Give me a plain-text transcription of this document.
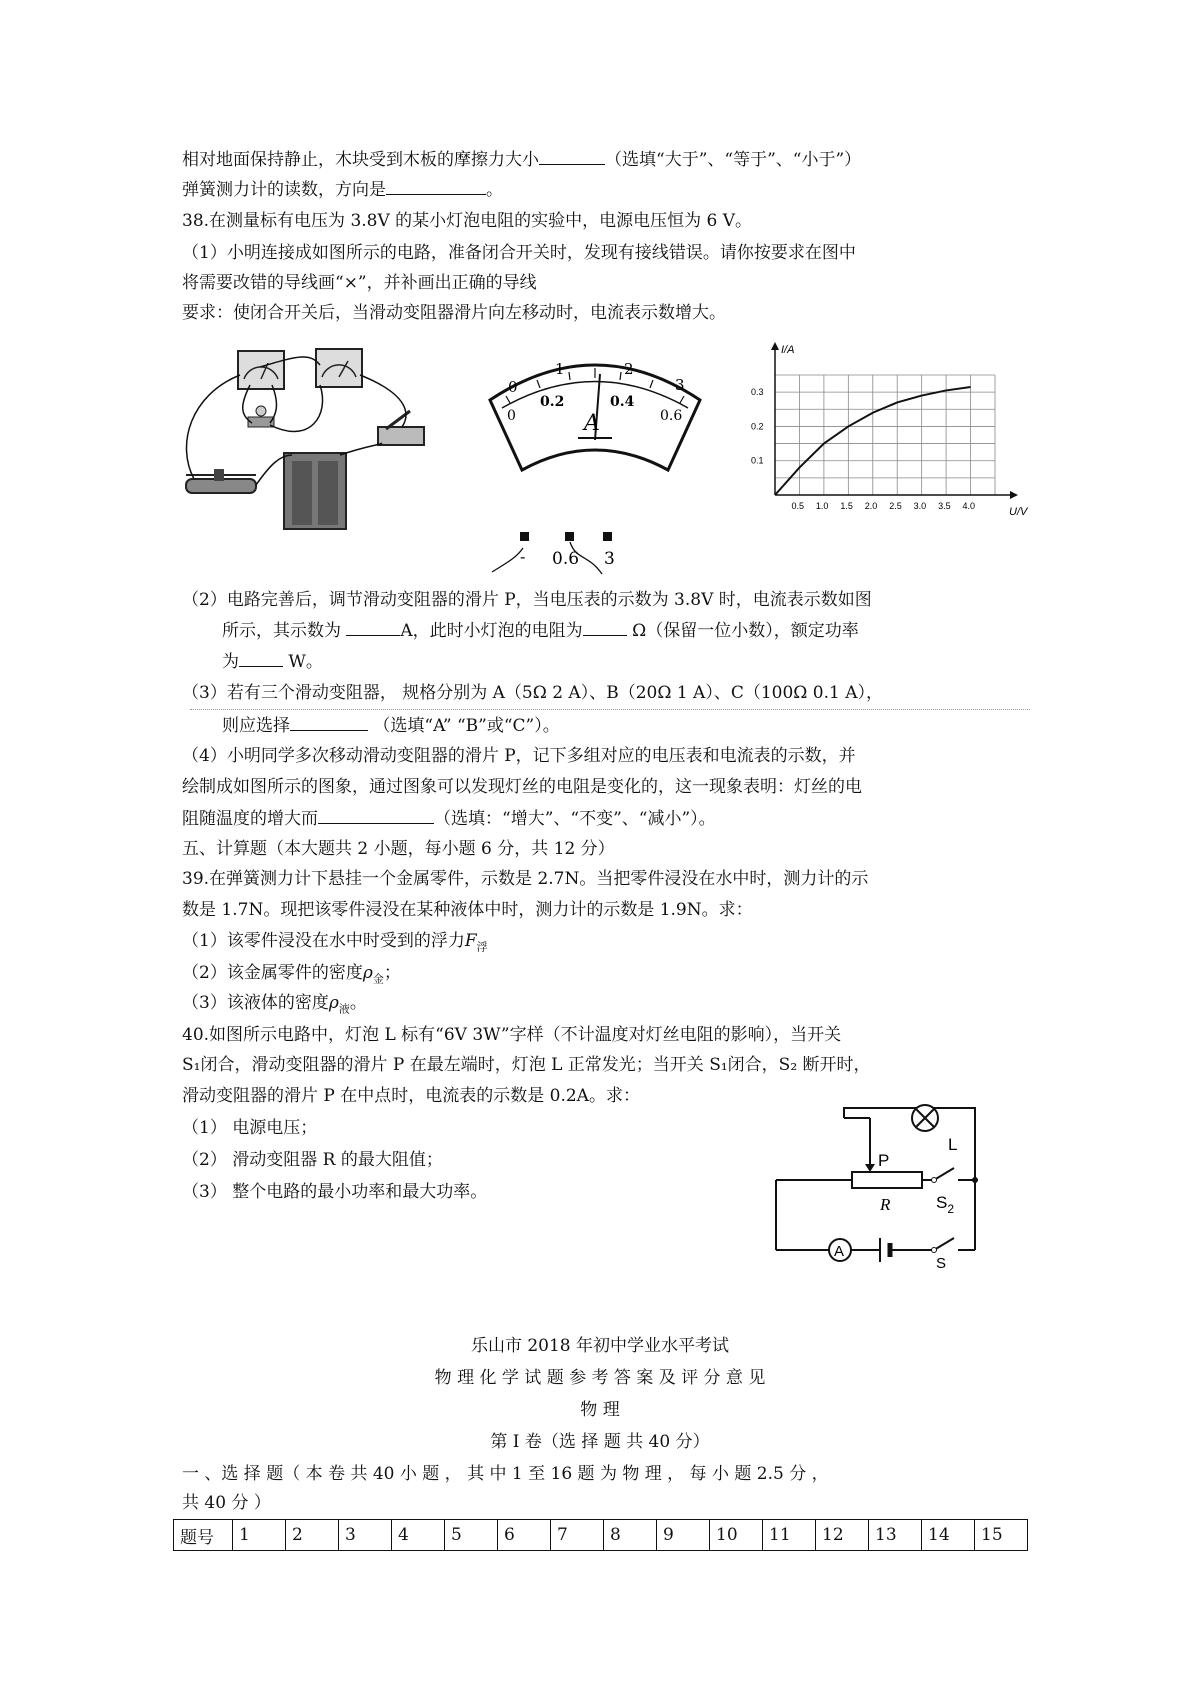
相对地面保持静止，木块受到木板的摩擦力大小	（选填“大于”、“等于”、“小于”）
弹簧测力计的读数，方向是	。
38.在测量标有电压为 3.8V 的某小灯泡电阻的实验中，电源电压恒为 6 V。
（1）小明连接成如图所示的电路，准备闭合开关时，发现有接线错误。请你按要求在图中
将需要改错的导线画“×”，并补画出正确的导线
要求：使闭合开关后，当滑动变阻器滑片向左移动时，电流表示数增大。
0
1	2
3
0
0.2	0.4
0.6
A
- 0.6 3
0.5 1.0 1.5 2.0 2.5 3.0 3.5 4.0
0.1
0.2
0.3
U/V
I/A
（2）电路完善后，调节滑动变阻器的滑片 P，当电压表的示数为 3.8V 时，电流表示数如图
所示，其示数为	A，此时小灯泡的电阻为	Ω（保留一位小数），额定功率
为	W。
（3）若有三个滑动变阻器， 规格分别为 A（5Ω 2 A）、B（20Ω 1 A）、C（100Ω 0.1 A），
则应选择	（选填“A” “B”或“C”）。
（4）小明同学多次移动滑动变阻器的滑片 P，记下多组对应的电压表和电流表的示数，并
绘制成如图所示的图象，通过图象可以发现灯丝的电阻是变化的，这一现象表明：灯丝的电
阻随温度的增大而	（选填：“增大”、“不变”、“减小”）。
五、计算题（本大题共 2 小题，每小题 6 分，共 12 分）
39.在弹簧测力计下悬挂一个金属零件，示数是 2.7N。当把零件浸没在水中时，测力计的示
数是 1.7N。现把该零件浸没在某种液体中时，测力计的示数是 1.9N。求：
（1）该零件浸没在水中时受到的浮力$F_浮$
（2）该金属零件的密度$\rho_金$；
（3）该液体的密度$\rho_液$。
40.如图所示电路中，灯泡 L 标有“6V 3W”字样（不计温度对灯丝电阻的影响），当开关
S₁闭合，滑动变阻器的滑片 P 在最左端时，灯泡 L 正常发光；当开关 S₁闭合，S₂ 断开时，
滑动变阻器的滑片 P 在中点时，电流表的示数是 0.2A。求：
（1） 电源电压；
（2） 滑动变阻器 R 的最大阻值；
（3） 整个电路的最小功率和最大功率。
A
L
P
R	$S_2$
S
乐山市 2018 年初中学业水平考试
物 理 化 学 试 题 参 考 答 案 及 评 分 意 见
物 理
第 I 卷（选 择 题 共 40 分）
一 、选 择 题（ 本 卷 共 40 小 题 ， 其 中 1 至 16 题 为 物 理 ， 每 小 题 2.5 分 ，
共 40 分 ）
题号	1	2	3	4	5	6	7	8	9	10	11	12	13	14	15
